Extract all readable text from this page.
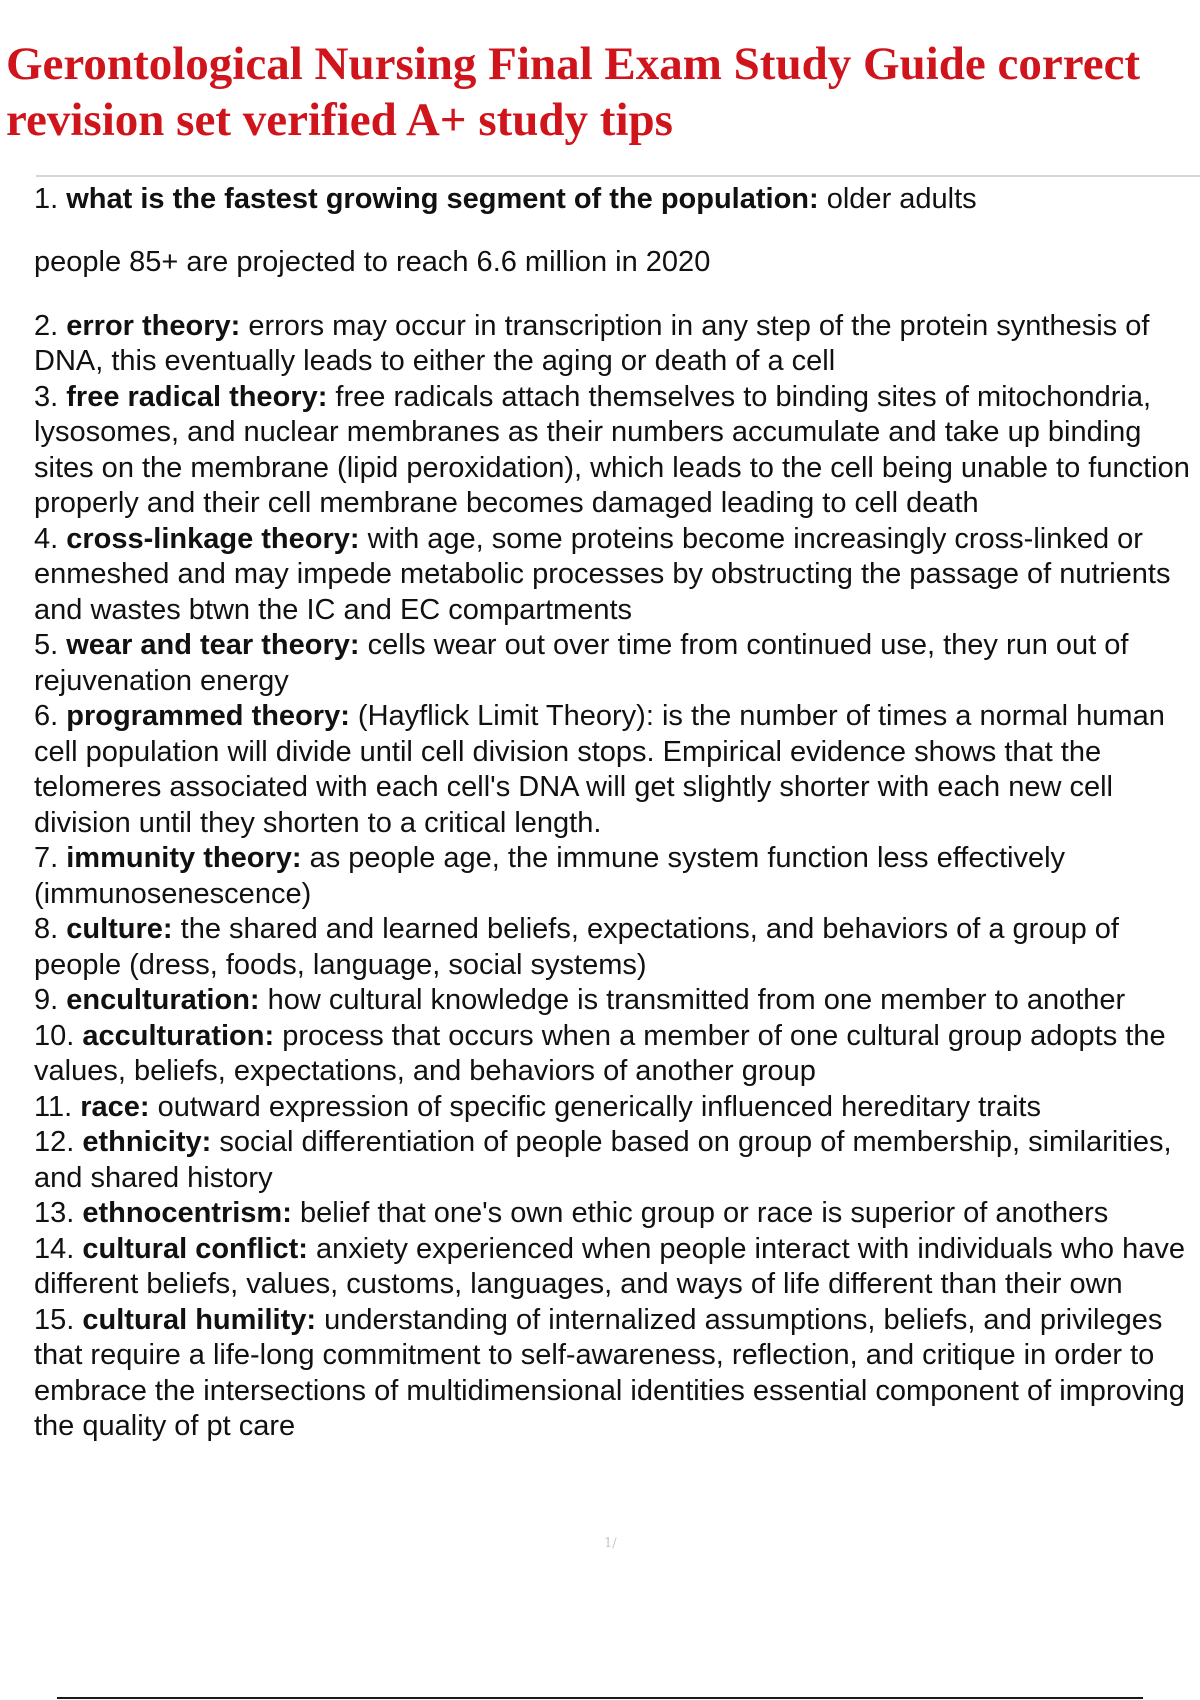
Gerontological Nursing Final Exam Study Guide correct revision set verified A+ study tips

1. what is the fastest growing segment of the population: older adults

people 85+ are projected to reach 6.6 million in 2020

2. error theory: errors may occur in transcription in any step of the protein synthesis of DNA, this eventually leads to either the aging or death of a cell

3. free radical theory: free radicals attach themselves to binding sites of mitochondria, lysosomes, and nuclear membranes as their numbers accumulate and take up binding sites on the membrane (lipid peroxidation), which leads to the cell being unable to function properly and their cell membrane becomes damaged leading to cell death

4. cross-linkage theory: with age, some proteins become increasingly cross-linked or enmeshed and may impede metabolic processes by obstructing the passage of nutrients and wastes btwn the IC and EC compartments

5. wear and tear theory: cells wear out over time from continued use, they run out of rejuvenation energy

6. programmed theory: (Hayflick Limit Theory): is the number of times a normal human cell population will divide until cell division stops. Empirical evidence shows that the telomeres associated with each cell's DNA will get slightly shorter with each new cell division until they shorten to a critical length.

7. immunity theory: as people age, the immune system function less effectively (immunosenescence)

8. culture: the shared and learned beliefs, expectations, and behaviors of a group of people (dress, foods, language, social systems)

9. enculturation: how cultural knowledge is transmitted from one member to another

10. acculturation: process that occurs when a member of one cultural group adopts the values, beliefs, expectations, and behaviors of another group

11. race: outward expression of specific generically influenced hereditary traits

12. ethnicity: social differentiation of people based on group of membership, similarities, and shared history

13. ethnocentrism: belief that one's own ethic group or race is superior of anothers

14. cultural conflict: anxiety experienced when people interact with individuals who have different beliefs, values, customs, languages, and ways of life different than their own

15. cultural humility: understanding of internalized assumptions, beliefs, and privileges that require a life-long commitment to self-awareness, reflection, and critique in order to embrace the intersections of multidimensional identities essential component of improving the quality of pt care

1/
